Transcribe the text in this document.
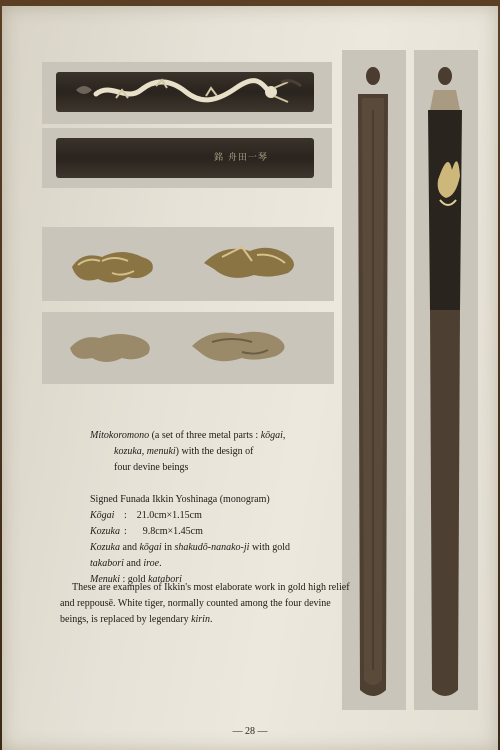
銘 舟田一琴
Mitokoromono (a set of three metal parts : kōgai,
kozuka, menuki) with the design of
four devine beings
Signed Funada Ikkin Yoshinaga (monogram)
Kōgai : 21.0cm×1.15cm
Kozuka : 9.8cm×1.45cm
Kozuka and kōgai in shakudō-nanako-ji with gold
takabori and iroe.
Menuki : gold katabori
These are examples of Ikkin's most elaborate work in gold high relief and reppousē. White tiger, normally counted among the four devine beings, is replaced by legendary kirin.
— 28 —
